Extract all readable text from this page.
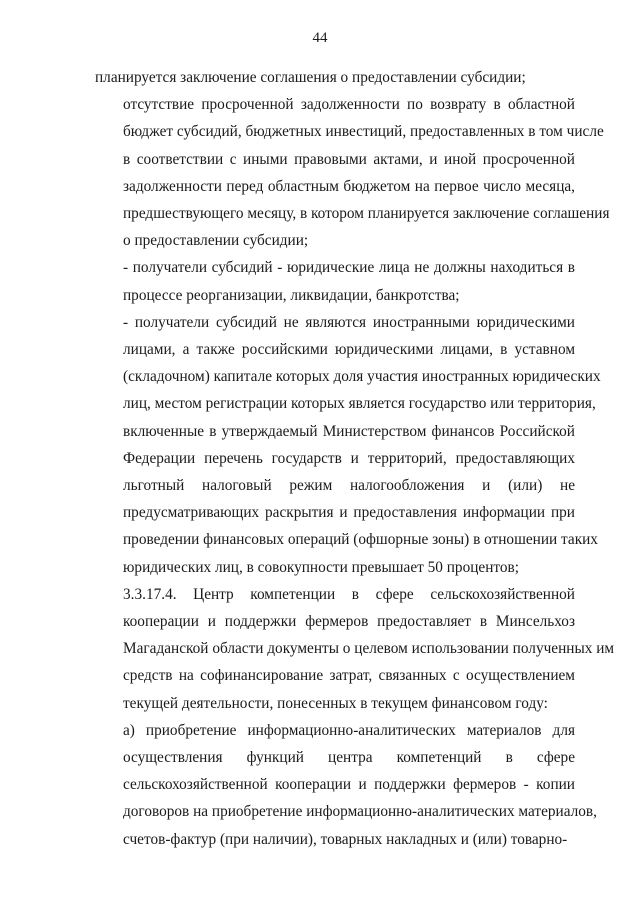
44
планируется заключение соглашения о предоставлении субсидии;
отсутствие просроченной задолженности по возврату в областной
бюджет субсидий, бюджетных инвестиций, предоставленных в том числе
в соответствии с иными правовыми актами, и иной просроченной
задолженности перед областным бюджетом на первое число месяца,
предшествующего месяцу, в котором планируется заключение соглашения
о предоставлении субсидии;
- получатели субсидий - юридические лица не должны находиться в
процессе реорганизации, ликвидации, банкротства;
- получатели субсидий не являются иностранными юридическими
лицами, а также российскими юридическими лицами, в уставном
(складочном) капитале которых доля участия иностранных юридических
лиц, местом регистрации которых является государство или территория,
включенные в утверждаемый Министерством финансов Российской
Федерации перечень государств и территорий, предоставляющих
льготный налоговый режим налогообложения и (или) не
предусматривающих раскрытия и предоставления информации при
проведении финансовых операций (офшорные зоны) в отношении таких
юридических лиц, в совокупности превышает 50 процентов;
3.3.17.4. Центр компетенции в сфере сельскохозяйственной
кооперации и поддержки фермеров предоставляет в Минсельхоз
Магаданской области документы о целевом использовании полученных им
средств на софинансирование затрат, связанных с осуществлением
текущей деятельности, понесенных в текущем финансовом году:
а) приобретение информационно-аналитических материалов для
осуществления функций центра компетенций в сфере
сельскохозяйственной кооперации и поддержки фермеров - копии
договоров на приобретение информационно-аналитических материалов,
счетов-фактур (при наличии), товарных накладных и (или) товарно-
